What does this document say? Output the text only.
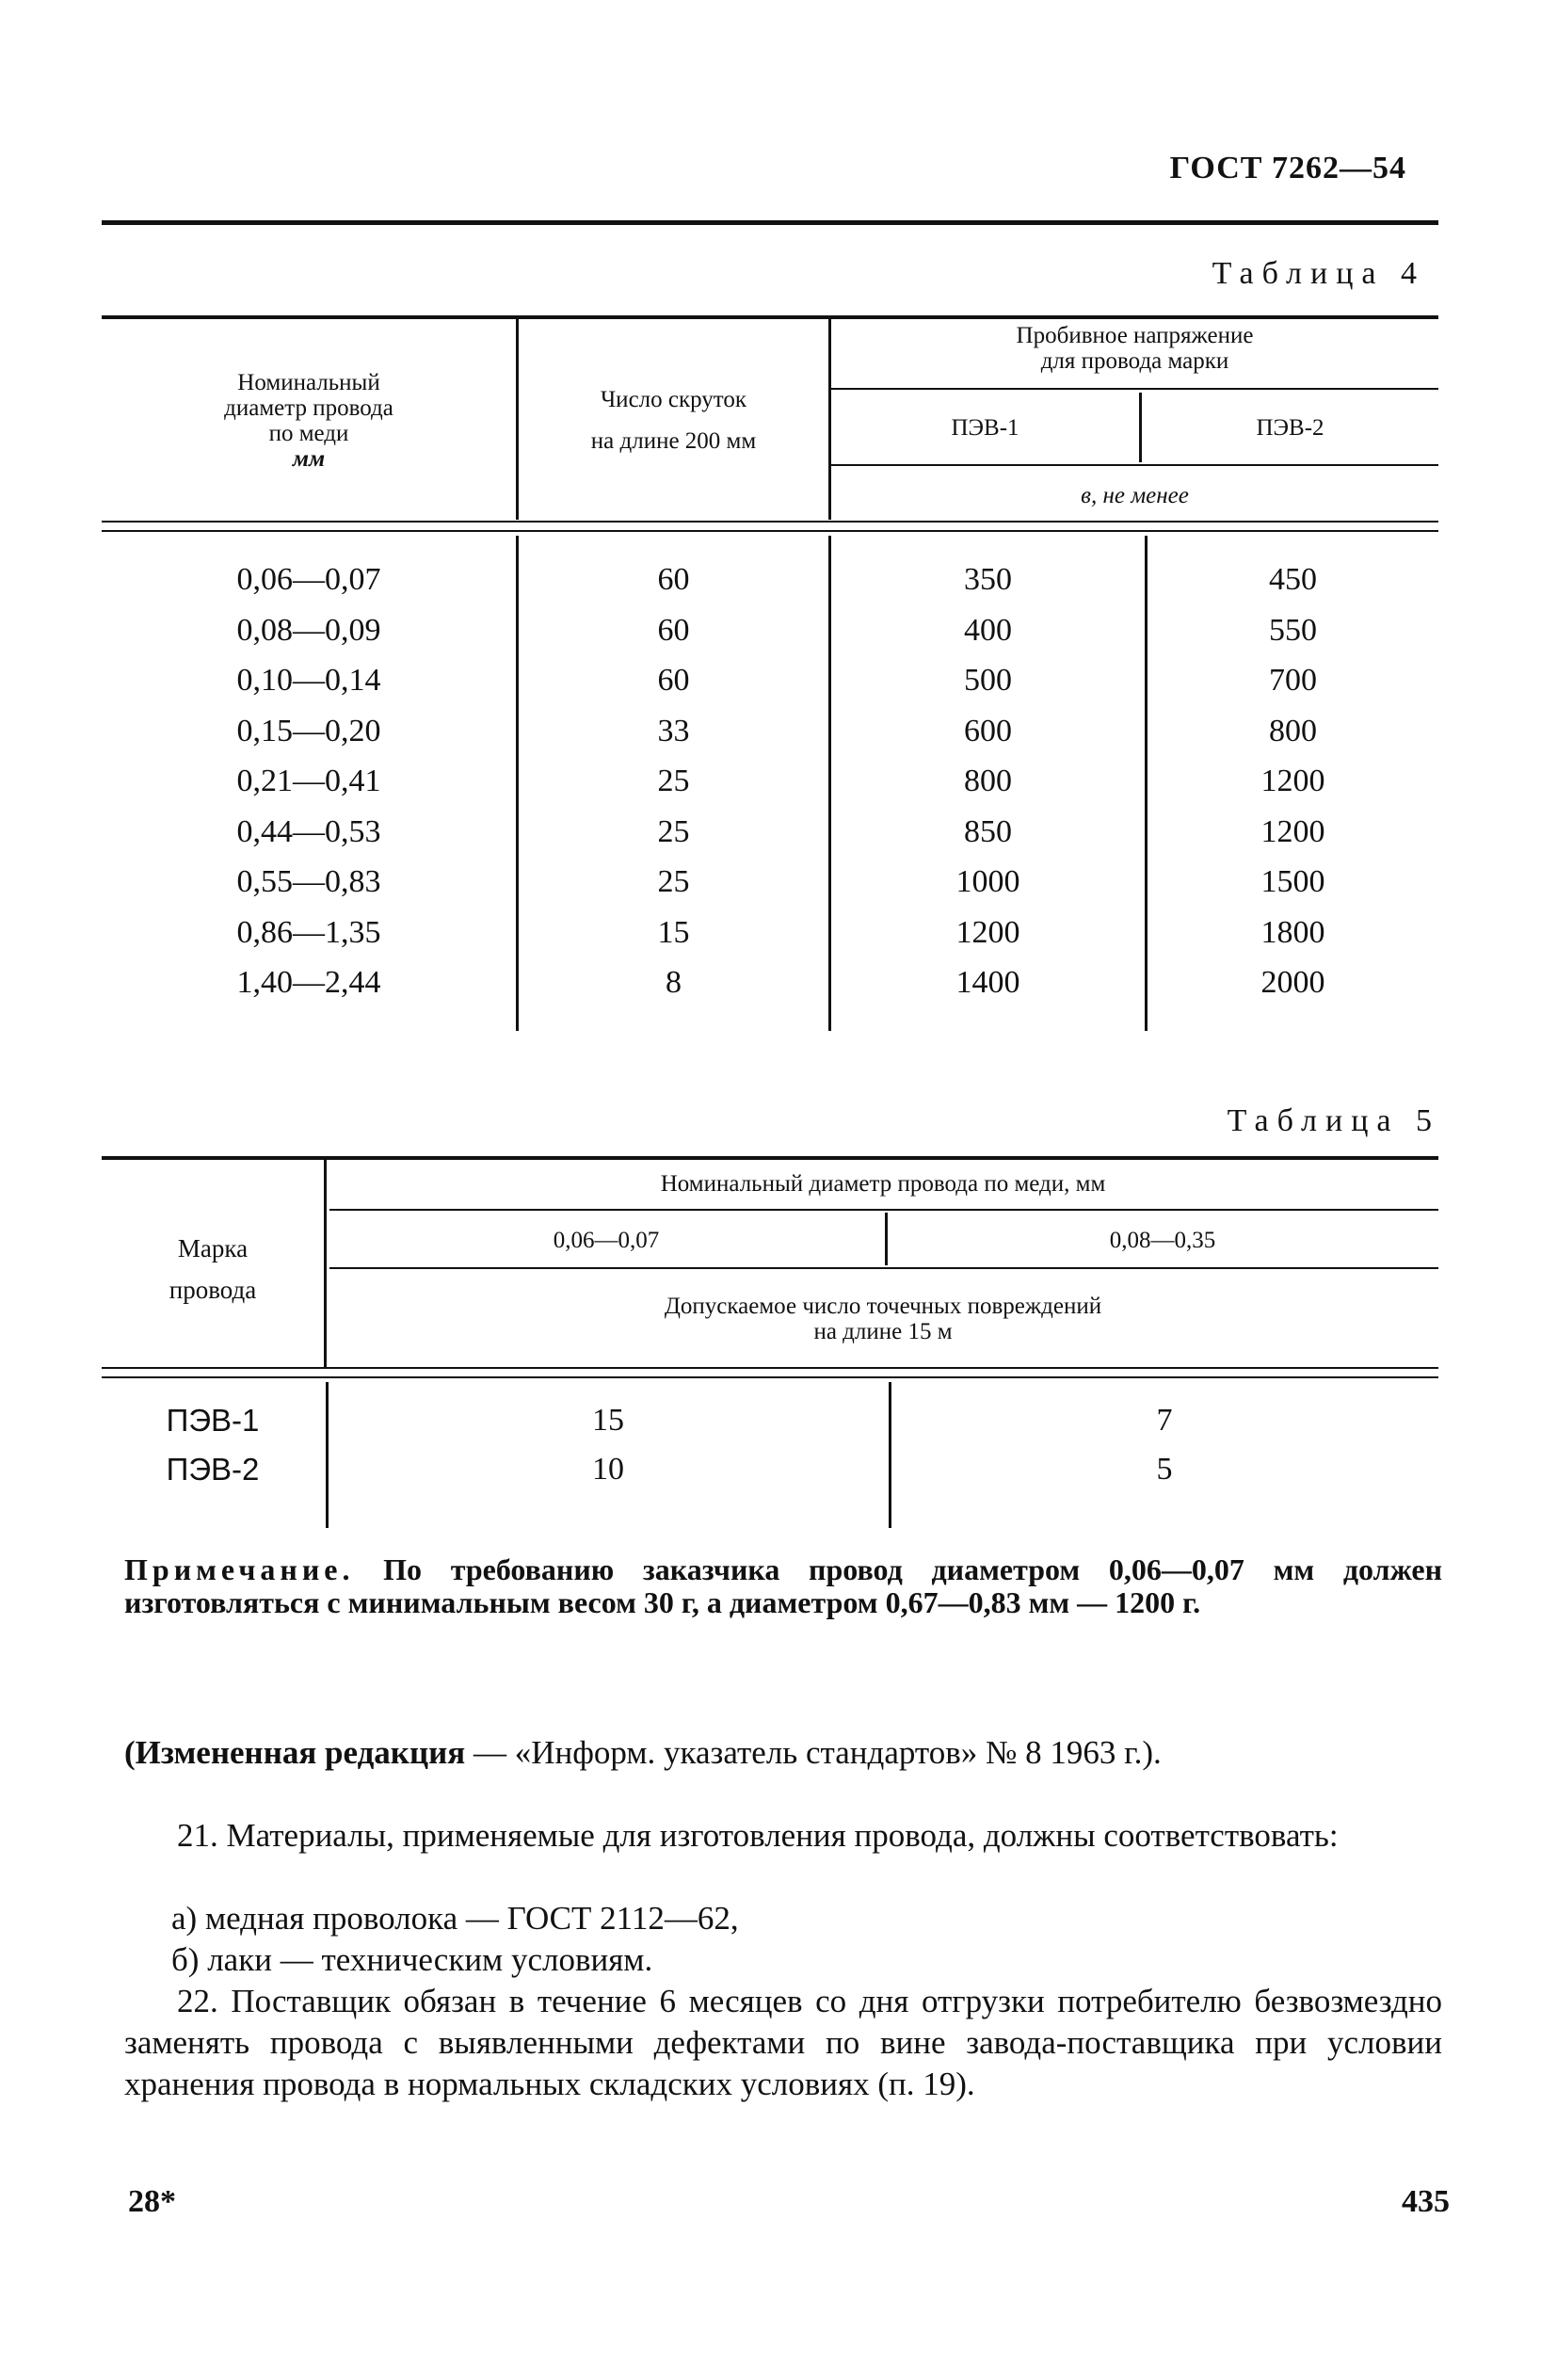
ГОСТ 7262—54
Таблица 4
Номинальный
диаметр провода
по меди
мм
Число скруток
на длине 200 мм
Пробивное напряжение
для провода марки
ПЭВ-1	ПЭВ-2
в, не менее
0,06—0,07	60	350	450
0,08—0,09	60	400	550
0,10—0,14	60	500	700
0,15—0,20	33	600	800
0,21—0,41	25	800	1200
0,44—0,53	25	850	1200
0,55—0,83	25	1000	1500
0,86—1,35	15	1200	1800
1,40—2,44	8	1400	2000
Таблица 5
Марка
провода
Номинальный диаметр провода по меди, мм
0,06—0,07	0,08—0,35
Допускаемое число точечных повреждений
на длине 15 м
ПЭВ-1	15	7
ПЭВ-2	10	5
Примечание. По требованию заказчика провод диаметром 0,06—0,07 мм должен изготовляться с минимальным весом 30 г, а диаметром 0,67—0,83 мм — 1200 г.
(Измененная редакция — «Информ. указатель стандартов» № 8 1963 г.).
21. Материалы, применяемые для изготовления провода, должны соответствовать:
а) медная проволока — ГОСТ 2112—62,
б) лаки — техническим условиям.
22. Поставщик обязан в течение 6 месяцев со дня отгрузки потребителю безвозмездно заменять провода с выявленными дефектами по вине завода-поставщика при условии хранения провода в нормальных складских условиях (п. 19).
28*	435
